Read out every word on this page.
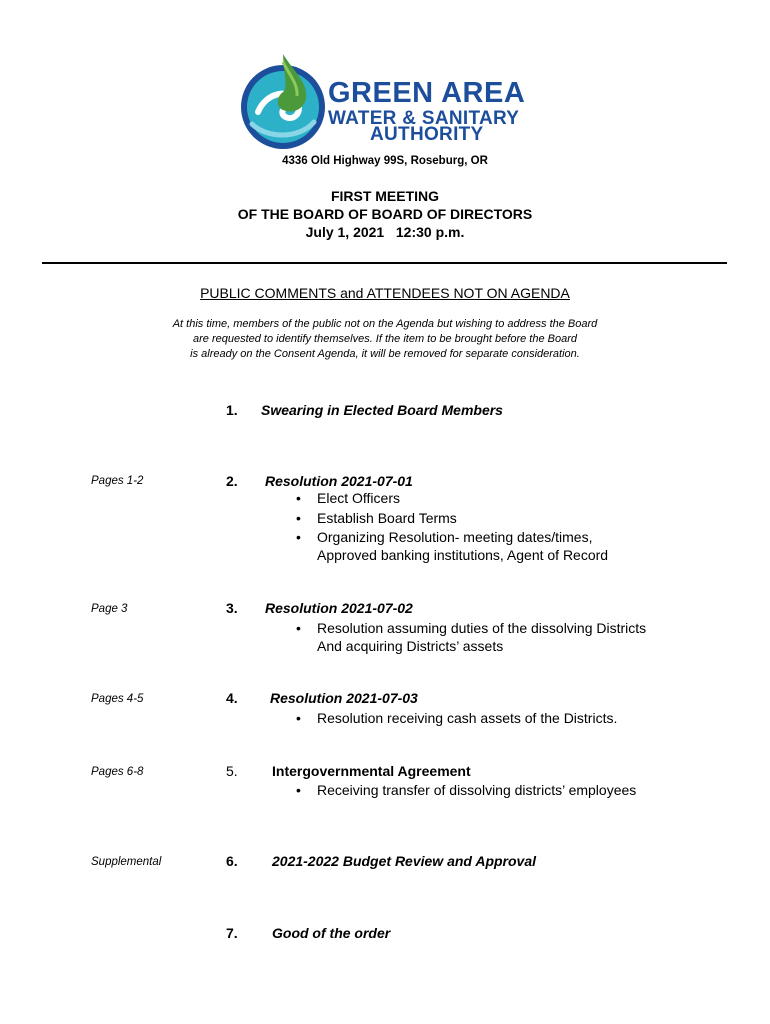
GREEN AREA
WATER & SANITARY
AUTHORITY
4336 Old Highway 99S, Roseburg, OR
FIRST MEETING
OF THE BOARD OF BOARD OF DIRECTORS
July 1, 2021   12:30 p.m.
PUBLIC COMMENTS and ATTENDEES NOT ON AGENDA
At this time, members of the public not on the Agenda but wishing to address the Board
are requested to identify themselves. If the item to be brought before the Board
is already on the Consent Agenda, it will be removed for separate consideration.
1. Swearing in Elected Board Members
Pages 1-2	2. Resolution 2021-07-01
• Elect Officers
• Establish Board Terms
• Organizing Resolution- meeting dates/times,
Approved banking institutions, Agent of Record
Page 3	3. Resolution 2021-07-02
• Resolution assuming duties of the dissolving Districts
And acquiring Districts’ assets
Pages 4-5	4. Resolution 2021-07-03
• Resolution receiving cash assets of the Districts.
Pages 6-8	5. Intergovernmental Agreement
• Receiving transfer of dissolving districts’ employees
Supplemental	6. 2021-2022 Budget Review and Approval
7. Good of the order
